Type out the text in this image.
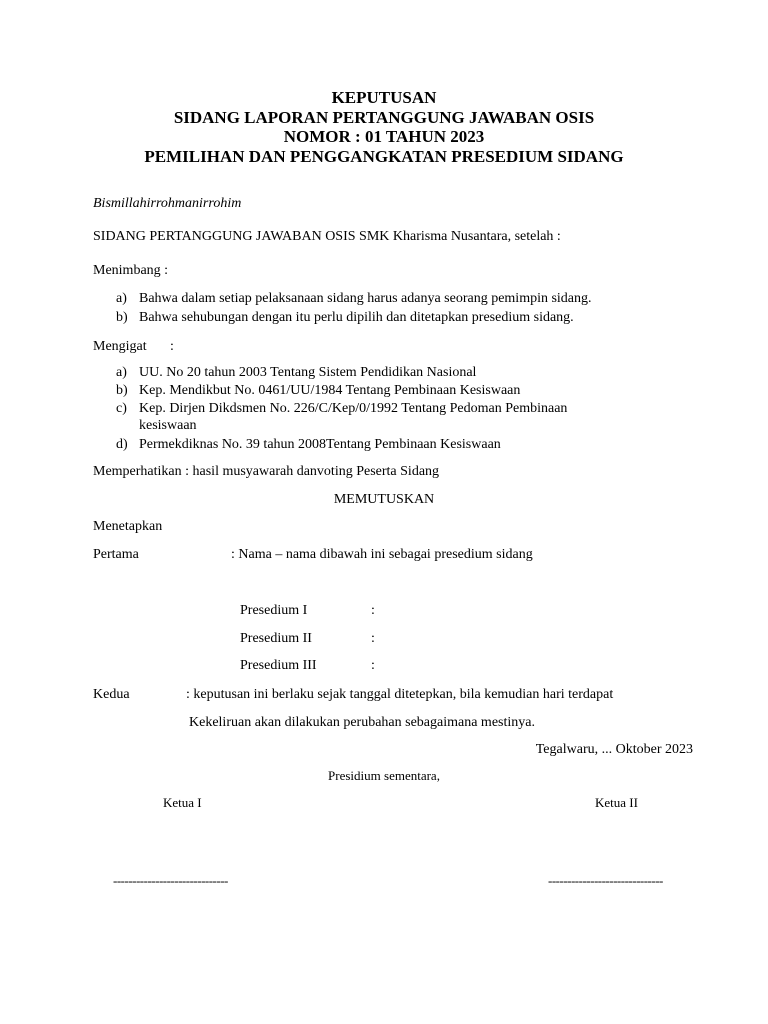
KEPUTUSAN
SIDANG LAPORAN PERTANGGUNG JAWABAN OSIS
NOMOR : 01 TAHUN 2023
PEMILIHAN DAN PENGGANGKATAN PRESEDIUM SIDANG
Bismillahirrohmanirrohim
SIDANG PERTANGGUNG JAWABAN OSIS SMK Kharisma Nusantara, setelah :
Menimbang :
a) Bahwa dalam setiap pelaksanaan sidang harus adanya seorang pemimpin sidang.
b) Bahwa sehubungan dengan itu perlu dipilih dan ditetapkan presedium sidang.
Mengigat :
a) UU. No 20 tahun 2003 Tentang Sistem Pendidikan Nasional
b) Kep. Mendikbut No. 0461/UU/1984 Tentang Pembinaan Kesiswaan
c) Kep. Dirjen Dikdsmen No. 226/C/Kep/0/1992 Tentang Pedoman Pembinaan
kesiswaan
d) Permekdiknas No. 39 tahun 2008Tentang Pembinaan Kesiswaan
Memperhatikan : hasil musyawarah danvoting Peserta Sidang
MEMUTUSKAN
Menetapkan
Pertama	: Nama – nama dibawah ini sebagai presedium sidang
Presedium I	:
Presedium II	:
Presedium III	:
Kedua	: keputusan ini berlaku sejak tanggal ditetepkan, bila kemudian hari terdapat
Kekeliruan akan dilakukan perubahan sebagaimana mestinya.
Tegalwaru, ... Oktober 2023
Presidium sementara,
Ketua I	Ketua II
------------------------------	------------------------------
